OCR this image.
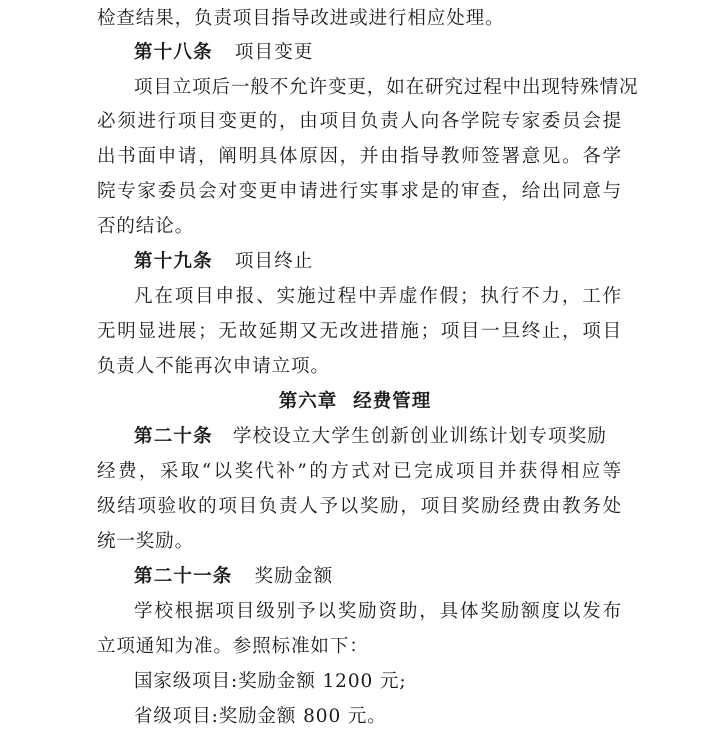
检查结果，负责项目指导改进或进行相应处理。
第十八条 项目变更
项目立项后一般不允许变更，如在研究过程中出现特殊情况
必须进行项目变更的，由项目负责人向各学院专家委员会提
出书面申请，阐明具体原因，并由指导教师签署意见。各学
院专家委员会对变更申请进行实事求是的审查，给出同意与
否的结论。
第十九条 项目终止
凡在项目申报、实施过程中弄虚作假；执行不力，工作
无明显进展；无故延期又无改进措施；项目一旦终止，项目
负责人不能再次申请立项。
第六章 经费管理
第二十条 学校设立大学生创新创业训练计划专项奖励
经费，采取“以奖代补”的方式对已完成项目并获得相应等
级结项验收的项目负责人予以奖励，项目奖励经费由教务处
统一奖励。
第二十一条 奖励金额
学校根据项目级别予以奖励资助，具体奖励额度以发布
立项通知为准。参照标准如下：
国家级项目:奖励金额 1200 元;
省级项目:奖励金额 800 元。
